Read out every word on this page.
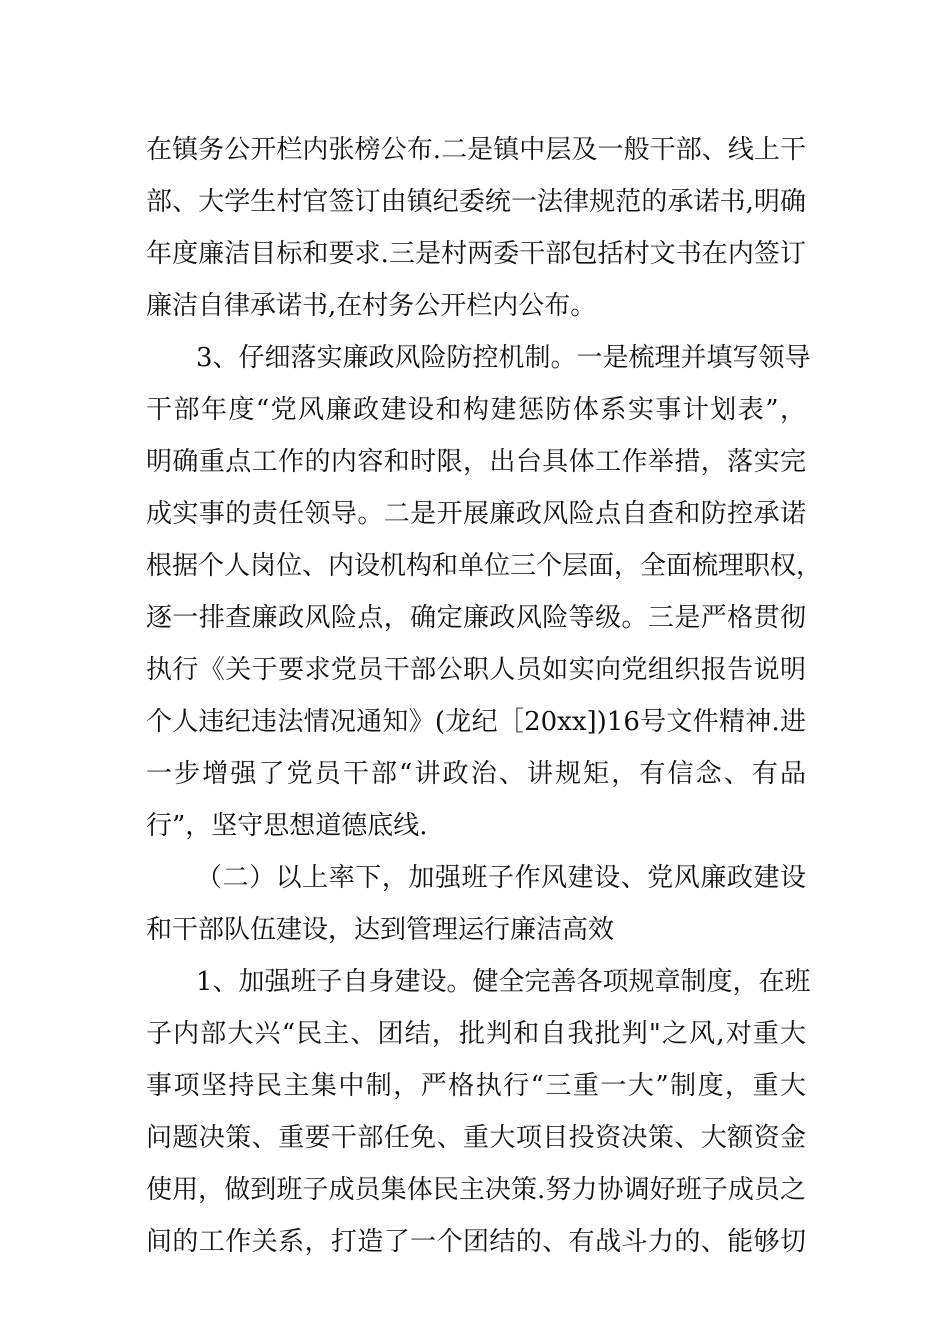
在镇务公开栏内张榜公布.二是镇中层及一般干部、线上干
部、大学生村官签订由镇纪委统一法律规范的承诺书,明确
年度廉洁目标和要求.三是村两委干部包括村文书在内签订
廉洁自律承诺书,在村务公开栏内公布。
3、仔细落实廉政风险防控机制。一是梳理并填写领导
干部年度“党风廉政建设和构建惩防体系实事计划表”，
明确重点工作的内容和时限，出台具体工作举措，落实完
成实事的责任领导。二是开展廉政风险点自查和防控承诺
根据个人岗位、内设机构和单位三个层面，全面梳理职权，
逐一排查廉政风险点，确定廉政风险等级。三是严格贯彻
执行《关于要求党员干部公职人员如实向党组织报告说明
个人违纪违法情况通知》(龙纪［20xx])16号文件精神.进
一步增强了党员干部“讲政治、讲规矩，有信念、有品
行”，坚守思想道德底线.
（二）以上率下，加强班子作风建设、党风廉政建设
和干部队伍建设，达到管理运行廉洁高效
1、加强班子自身建设。健全完善各项规章制度，在班
子内部大兴“民主、团结，批判和自我批判"之风,对重大
事项坚持民主集中制，严格执行“三重一大”制度，重大
问题决策、重要干部任免、重大项目投资决策、大额资金
使用，做到班子成员集体民主决策.努力协调好班子成员之
间的工作关系，打造了一个团结的、有战斗力的、能够切
